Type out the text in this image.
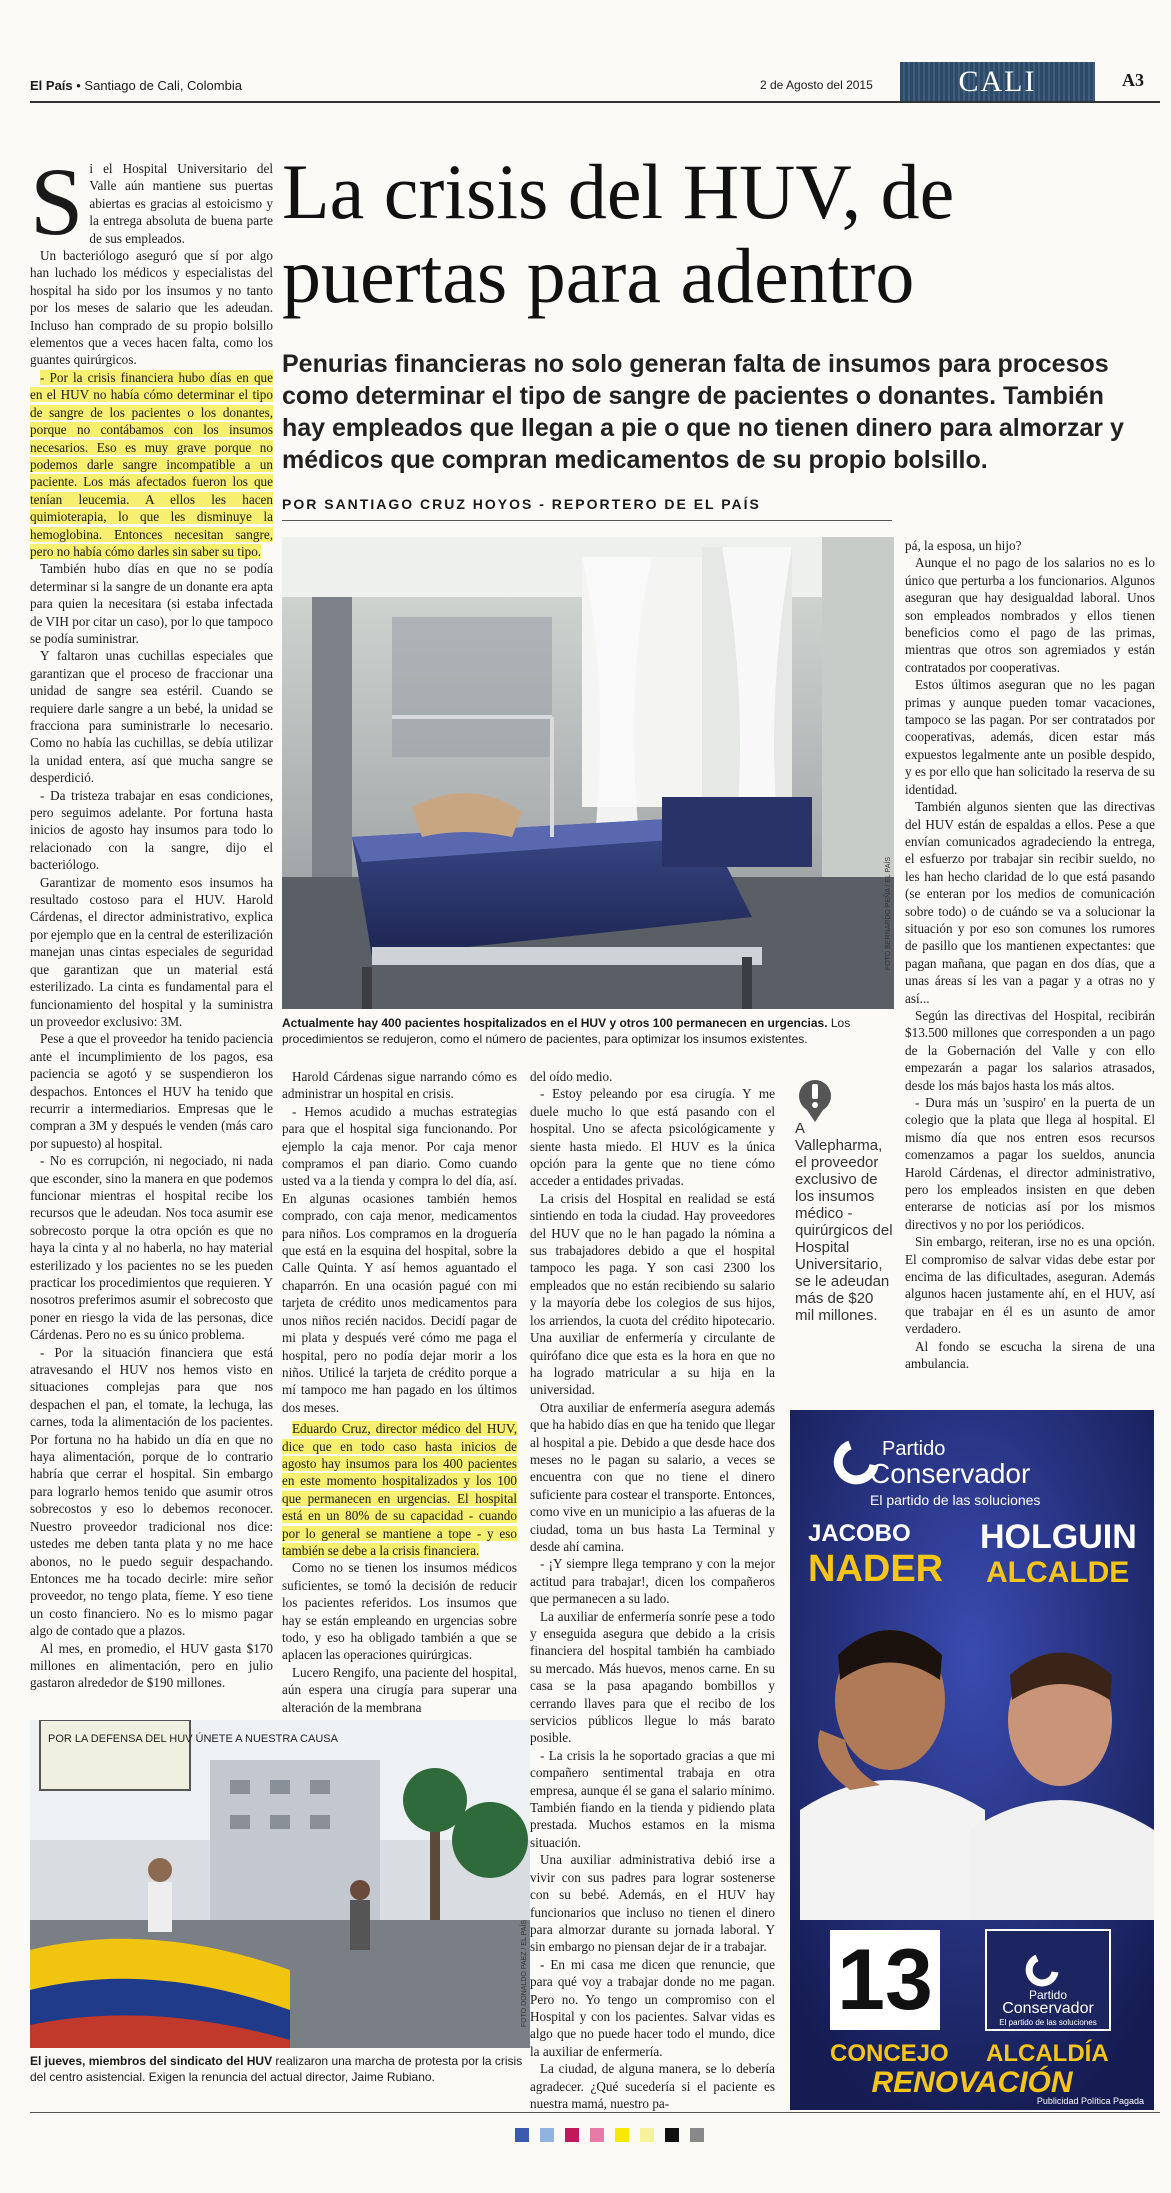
El País • Santiago de Cali, Colombia	2 de Agosto del 2015	CALI	A3
La crisis del HUV, de puertas para adentro
Penurias financieras no solo generan falta de insumos para procesos como determinar el tipo de sangre de pacientes o donantes. También hay empleados que llegan a pie o que no tienen dinero para almorzar y médicos que compran medicamentos de su propio bolsillo.
POR SANTIAGO CRUZ HOYOS - REPORTERO DE EL PAÍS
S i el Hospital Universitario del Valle aún mantiene sus puertas abiertas es gracias al estoicismo y la entrega absoluta de buena parte de sus empleados.

Un bacteriólogo aseguró que sí por algo han luchado los médicos y especialistas del hospital ha sido por los insumos y no tanto por los meses de salario que les adeudan. Incluso han comprado de su propio bolsillo elementos que a veces hacen falta, como los guantes quirúrgicos.

- Por la crisis financiera hubo días en que en el HUV no había cómo determinar el tipo de sangre de los pacientes o los donantes, porque no contábamos con los insumos necesarios. Eso es muy grave porque no podemos darle sangre incompatible a un paciente. Los más afectados fueron los que tenían leucemia. A ellos les hacen quimioterapia, lo que les disminuye la hemoglobina. Entonces necesitan sangre, pero no había cómo darles sin saber su tipo.

También hubo días en que no se podía determinar si la sangre de un donante era apta para quien la necesitara (si estaba infectada de VIH por citar un caso), por lo que tampoco se podía suministrar.

Y faltaron unas cuchillas especiales que garantizan que el proceso de fraccionar una unidad de sangre sea estéril. Cuando se requiere darle sangre a un bebé, la unidad se fracciona para suministrarle lo necesario. Como no había las cuchillas, se debía utilizar la unidad entera, así que mucha sangre se desperdició.

- Da tristeza trabajar en esas condiciones, pero seguimos adelante. Por fortuna hasta inicios de agosto hay insumos para todo lo relacionado con la sangre, dijo el bacteriólogo.

Garantizar de momento esos insumos ha resultado costoso para el HUV. Harold Cárdenas, el director administrativo, explica por ejemplo que en la central de esterilización manejan unas cintas especiales de seguridad que garantizan que un material está esterilizado. La cinta es fundamental para el funcionamiento del hospital y la suministra un proveedor exclusivo: 3M.

Pese a que el proveedor ha tenido paciencia ante el incumplimiento de los pagos, esa paciencia se agotó y se suspendieron los despachos. Entonces el HUV ha tenido que recurrir a intermediarios. Empresas que le compran a 3M y después le venden (más caro por supuesto) al hospital.

- No es corrupción, ni negociado, ni nada que esconder, sino la manera en que podemos funcionar mientras el hospital recibe los recursos que le adeudan. Nos toca asumir ese sobrecosto porque la otra opción es que no haya la cinta y al no haberla, no hay material esterilizado y los pacientes no se les pueden practicar los procedimientos que requieren. Y nosotros preferimos asumir el sobrecosto que poner en riesgo la vida de las personas, dice Cárdenas. Pero no es su único problema.

- Por la situación financiera que está atravesando el HUV nos hemos visto en situaciones complejas para que nos despachen el pan, el tomate, la lechuga, las carnes, toda la alimentación de los pacientes. Por fortuna no ha habido un día en que no haya alimentación, porque de lo contrario habría que cerrar el hospital. Sin embargo para lograrlo hemos tenido que asumir otros sobrecostos y eso lo debemos reconocer. Nuestro proveedor tradicional nos dice: ustedes me deben tanta plata y no me hace abonos, no le puedo seguir despachando. Entonces me ha tocado decirle: mire señor proveedor, no tengo plata, fíeme. Y eso tiene un costo financiero. No es lo mismo pagar algo de contado que a plazos.

Al mes, en promedio, el HUV gasta $170 millones en alimentación, pero en julio gastaron alrededor de $190 millones.

FOTO BERNARDO PEÑA / EL PAÍS
Actualmente hay 400 pacientes hospitalizados en el HUV y otros 100 permanecen en urgencias. Los procedimientos se redujeron, como el número de pacientes, para optimizar los insumos existentes.

Harold Cárdenas sigue narrando cómo es administrar un hospital en crisis.

- Hemos acudido a muchas estrategias para que el hospital siga funcionando. Por ejemplo la caja menor. Por caja menor compramos el pan diario. Como cuando usted va a la tienda y compra lo del día, así. En algunas ocasiones también hemos comprado, con caja menor, medicamentos para niños. Los compramos en la droguería que está en la esquina del hospital, sobre la Calle Quinta. Y así hemos aguantado el chaparrón. En una ocasión pagué con mi tarjeta de crédito unos medicamentos para unos niños recién nacidos. Decidí pagar de mi plata y después veré cómo me paga el hospital, pero no podía dejar morir a los niños. Utilicé la tarjeta de crédito porque a mí tampoco me han pagado en los últimos dos meses.

Eduardo Cruz, director médico del HUV, dice que en todo caso hasta inicios de agosto hay insumos para los 400 pacientes en este momento hospitalizados y los 100 que permanecen en urgencias. El hospital está en un 80% de su capacidad - cuando por lo general se mantiene a tope - y eso también se debe a la crisis financiera.

Como no se tienen los insumos médicos suficientes, se tomó la decisión de reducir los pacientes referidos. Los insumos que hay se están empleando en urgencias sobre todo, y eso ha obligado también a que se aplacen las operaciones quirúrgicas.

Lucero Rengifo, una paciente del hospital, aún espera una cirugía para superar una alteración de la membrana

del oído medio.

- Estoy peleando por esa cirugía. Y me duele mucho lo que está pasando con el hospital. Uno se afecta psicológicamente y siente hasta miedo. El HUV es la única opción para la gente que no tiene cómo acceder a entidades privadas.

La crisis del Hospital en realidad se está sintiendo en toda la ciudad. Hay proveedores del HUV que no le han pagado la nómina a sus trabajadores debido a que el hospital tampoco les paga. Y son casi 2300 los empleados que no están recibiendo su salario y la mayoría debe los colegios de sus hijos, los arriendos, la cuota del crédito hipotecario. Una auxiliar de enfermería y circulante de quirófano dice que esta es la hora en que no ha logrado matricular a su hija en la universidad.

Otra auxiliar de enfermería asegura además que ha habido días en que ha tenido que llegar al hospital a pie. Debido a que desde hace dos meses no le pagan su salario, a veces se encuentra con que no tiene el dinero suficiente para costear el transporte. Entonces, como vive en un municipio a las afueras de la ciudad, toma un bus hasta La Terminal y desde ahí camina.

- ¡Y siempre llega temprano y con la mejor actitud para trabajar!, dicen los compañeros que permanecen a su lado.

La auxiliar de enfermería sonríe pese a todo y enseguida asegura que debido a la crisis financiera del hospital también ha cambiado su mercado. Más huevos, menos carne. En su casa se la pasa apagando bombillos y cerrando llaves para que el recibo de los servicios públicos llegue lo más barato posible.

- La crisis la he soportado gracias a que mi compañero sentimental trabaja en otra empresa, aunque él se gana el salario mínimo. También fiando en la tienda y pidiendo plata prestada. Muchos estamos en la misma situación.

Una auxiliar administrativa debió irse a vivir con sus padres para lograr sostenerse con su bebé. Además, en el HUV hay funcionarios que incluso no tienen el dinero para almorzar durante su jornada laboral. Y sin embargo no piensan dejar de ir a trabajar.

- En mi casa me dicen que renuncie, que para qué voy a trabajar donde no me pagan. Pero no. Yo tengo un compromiso con el Hospital y con los pacientes. Salvar vidas es algo que no puede hacer todo el mundo, dice la auxiliar de enfermería.

La ciudad, de alguna manera, se lo debería agradecer. ¿Qué sucedería si el paciente es nuestra mamá, nuestro pa-

A Vallepharma, el proveedor exclusivo de los insumos médico - quirúrgicos del Hospital Universitario, se le adeudan más de $20 mil millones.

pá, la esposa, un hijo?

Aunque el no pago de los salarios no es lo único que perturba a los funcionarios. Algunos aseguran que hay desigualdad laboral. Unos son empleados nombrados y ellos tienen beneficios como el pago de las primas, mientras que otros son agremiados y están contratados por cooperativas.

Estos últimos aseguran que no les pagan primas y aunque pueden tomar vacaciones, tampoco se las pagan. Por ser contratados por cooperativas, además, dicen estar más expuestos legalmente ante un posible despido, y es por ello que han solicitado la reserva de su identidad.

También algunos sienten que las directivas del HUV están de espaldas a ellos. Pese a que envían comunicados agradeciendo la entrega, el esfuerzo por trabajar sin recibir sueldo, no les han hecho claridad de lo que está pasando (se enteran por los medios de comunicación sobre todo) o de cuándo se va a solucionar la situación y por eso son comunes los rumores de pasillo que los mantienen expectantes: que pagan mañana, que pagan en dos días, que a unas áreas sí les van a pagar y a otras no y así...

Según las directivas del Hospital, recibirán $13.500 millones que corresponden a un pago de la Gobernación del Valle y con ello empezarán a pagar los salarios atrasados, desde los más bajos hasta los más altos.

- Dura más un 'suspiro' en la puerta de un colegio que la plata que llega al hospital. El mismo día que nos entren esos recursos comenzamos a pagar los sueldos, anuncia Harold Cárdenas, el director administrativo, pero los empleados insisten en que deben enterarse de noticias así por los mismos directivos y no por los periódicos.

Sin embargo, reiteran, irse no es una opción. El compromiso de salvar vidas debe estar por encima de las dificultades, aseguran. Además algunos hacen justamente ahí, en el HUV, así que trabajar en él es un asunto de amor verdadero.

Al fondo se escucha la sirena de una ambulancia.

POR LA DEFENSA DEL HUV ÚNETE A NUESTRA CAUSA
FOTO DONALDO PAEZ / EL PAÍS
El jueves, miembros del sindicato del HUV realizaron una marcha de protesta por la crisis del centro asistencial. Exigen la renuncia del actual director, Jaime Rubiano.
Partido
Conservador
El partido de las soluciones
JACOBO
NADER
HOLGUIN
ALCALDE
13	Partido
Conservador
El partido de las soluciones
CONCEJO ALCALDÍA
RENOVACIÓN
Publicidad Política Pagada
